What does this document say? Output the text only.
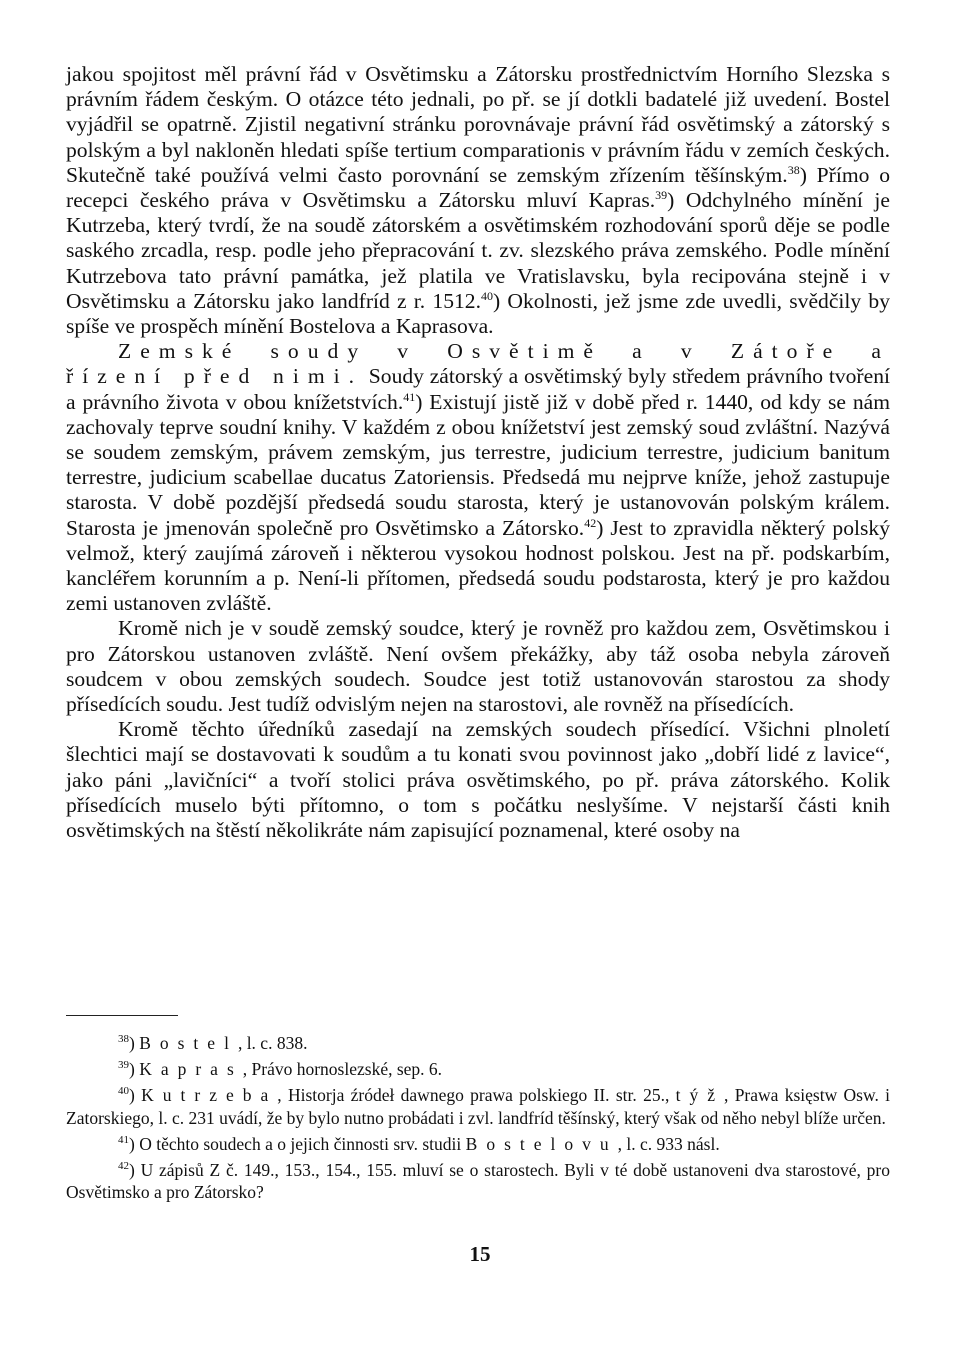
jakou spojitost měl právní řád v Osvětimsku a Zátorsku prostřednictvím Horního Slezska s právním řádem českým. O otázce této jednali, po př. se jí dotkli badatelé již uvedení. Bostel vyjádřil se opatrně. Zjistil negativní stránku porovnávaje právní řád osvětimský a zátorský s polským a byl nakloněn hledati spíše tertium comparationis v právním řádu v zemích českých. Skutečně také používá velmi často porovnání se zemským zřízením těšínským.$^{38}$) Přímo o recepci českého práva v Osvětimsku a Zátorsku mluví Kapras.$^{39}$) Odchylného mínění je Kutrzeba, který tvrdí, že na soudě zátorském a osvětimském rozhodování sporů děje se podle saského zrcadla, resp. podle jeho přepracování t. zv. slezského práva zemského. Podle mínění Kutrzebova tato právní památka, jež platila ve Vratislavsku, byla recipována stejně i v Osvětimsku a Zátorsku jako landfríd z r. 1512.40) Okolnosti, jež jsme zde uvedli, svědčily by spíše ve prospěch mínění Bostelova a Kaprasova.

Zemské soudy v Osvětimě a v Zátoře a řízení před nimi. Soudy zátorský a osvětimský byly středem právního tvoření a právního života v obou knížetstvích.$^{41}$) Existují jistě již v době před r. 1440, od kdy se nám zachovaly teprve soudní knihy. V každém z obou knížetství jest zemský soud zvláštní. Nazývá se soudem zemským, právem zemským, jus terrestre, judicium terrestre, judicium banitum terrestre, judicium scabellae ducatus Zatoriensis. Předsedá mu nejprve kníže, jehož zastupuje starosta. V době pozdější předsedá soudu starosta, který je ustanovován polským králem. Starosta je jmenován společně pro Osvětimsko a Zátorsko.$^{42}$) Jest to zpravidla některý polský velmož, který zaujímá zároveň i některou vysokou hodnost polskou. Jest na př. podskarbím, kancléřem korunním a p. Není-li přítomen, předsedá soudu podstarosta, který je pro každou zemi ustanoven zvláště.

Kromě nich je v soudě zemský soudce, který je rovněž pro každou zem, Osvětimskou i pro Zátorskou ustanoven zvláště. Není ovšem překážky, aby táž osoba nebyla zároveň soudcem v obou zemských soudech. Soudce jest totiž ustanovován starostou za shody přísedících soudu. Jest tudíž odvislým nejen na starostovi, ale rovněž na přísedících.

Kromě těchto úředníků zasedají na zemských soudech přísedící. Všichni plnoletí šlechtici mají se dostavovati k soudům a tu konati svou povinnost jako „dobří lidé z lavice“, jako páni „lavičníci“ a tvoří stolici práva osvětimského, po př. práva zátorského. Kolik přísedících muselo býti přítomno, o tom s počátku neslyšíme. V nejstarší části knih osvětimských na štěstí několikráte nám zapisující poznamenal, které osoby na

$^{38}$) Bostel, l. c. 838.

$^{39}$) Kapras, Právo hornoslezské, sep. 6.

$^{40}$) Kutrzeba, Historja źródeł dawnego prawa polskiego II. str. 25., týž, Prawa księstw Osw. i Zatorskiego, l. c. 231 uvádí, že by bylo nutno probádati i zvl. landfríd těšínský, který však od něho nebyl blíže určen.

$^{41}$) O těchto soudech a o jejich činnosti srv. studii Bostelovu, l. c. 933 násl.

$^{42}$) U zápisů Z č. 149., 153., 154., 155. mluví se o starostech. Byli v té době ustanoveni dva starostové, pro Osvětimsko a pro Zátorsko?

15
